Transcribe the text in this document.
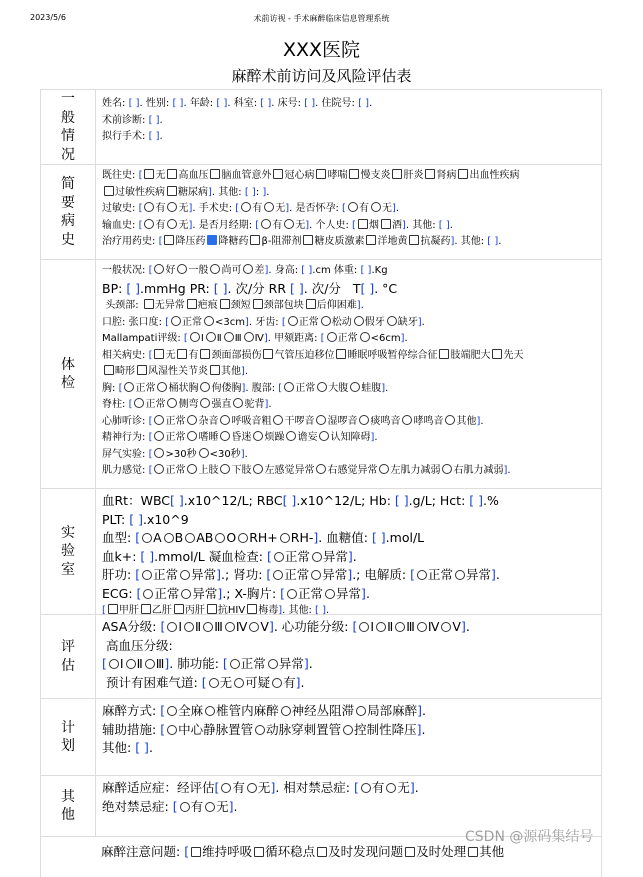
2023/5/6	术前访视 - 手术麻醉临床信息管理系统
XXX医院
麻醉术前访问及风险评估表
一
般
情
况
姓名: [ ]. 性别: [ ]. 年龄: [ ]. 科室: [ ]. 床号: [ ]. 住院号: [ ].
术前诊断: [ ].
拟行手术: [ ].
简
要
病
史
既往史: [ 无 高血压 脑血管意外 冠心病 哮喘 慢支炎 肝炎 肾病 出血性疾病
过敏性疾病 糖尿病]. 其他: [ ]: ].
过敏史: [ 有 无]. 手术史: [ 有 无]. 是否怀孕: [ 有 无].
输血史: [ 有 无]. 是否月经期: [ 有 无]. 个人史: [ 烟 酒]. 其他: [ ].
治疗用药史: [ 降压药 降糖药 β-阻滞剂 糖皮质激素 洋地黄 抗凝药]. 其他: [ ].
体
检
一般状况: [ 好 一般 尚可 差]. 身高: [ ].cm 体重: [ ].Kg
BP: [ ].mmHg PR: [ ]. 次/分 RR [ ]. 次/分 T[ ]. °C
头颈部: 无异常 疤痕 颈短 颈部包块 后仰困难].
口腔: 张口度: [ 正常 <3cm]. 牙齿: [ 正常 松动 假牙 缺牙].
Mallampati评级: [ Ⅰ Ⅱ Ⅲ Ⅳ]. 甲颏距离: [ 正常 <6cm].
相关病史: [ 无 有 颈面部损伤 气管压迫移位 睡眠呼吸暂停综合征 肢端肥大 先天
畸形 风湿性关节炎 其他].
胸: [ 正常 桶状胸 佝偻胸]. 腹部: [ 正常 大腹 蛙腹].
脊柱: [ 正常 侧弯 强直 驼背].
心肺听诊: [ 正常 杂音 呼吸音粗 干啰音 湿啰音 痰鸣音 哮鸣音 其他].
精神行为: [ 正常 嗜睡 昏迷 烦躁 谵妄 认知障碍].
屏气实验: [ >30秒 <30秒].
肌力感觉: [ 正常 上肢 下肢 左感觉异常 右感觉异常 左肌力减弱 右肌力减弱].
实
验
室
血Rt：WBC[ ].x10^12/L; RBC[ ].x10^12/L; Hb: [ ].g/L; Hct: [ ].%
PLT: [ ].x10^9
血型: [ A B AB O RH+ RH-]. 血糖值: [ ].mol/L
血k+: [ ].mmol/L 凝血检查: [ 正常 异常].
肝功: [ 正常 异常].; 肾功: [ 正常 异常].; 电解质: [ 正常 异常].
ECG: [ 正常 异常].; X-胸片: [ 正常 异常].
[ 甲肝 乙肝 丙肝 抗HIV 梅毒]. 其他: [ ].
评
估
ASA分级: [ Ⅰ Ⅱ Ⅲ Ⅳ Ⅴ]. 心功能分级: [ Ⅰ Ⅱ Ⅲ Ⅳ Ⅴ].
高血压分级:
[ Ⅰ Ⅱ Ⅲ]. 肺功能: [ 正常 异常].
预计有困难气道: [ 无 可疑 有].
计
划
麻醉方式: [ 全麻 椎管内麻醉 神经丛阻滞 局部麻醉].
辅助措施: [ 中心静脉置管 动脉穿刺置管 控制性降压].
其他: [ ].
其
他
麻醉适应症：经评估[ 有 无]. 相对禁忌症: [ 有 无].
绝对禁忌症: [ 有 无].
麻醉注意问题: [ 维持呼吸 循环稳点 及时发现问题 及时处理 其他
CSDN @源码集结号
